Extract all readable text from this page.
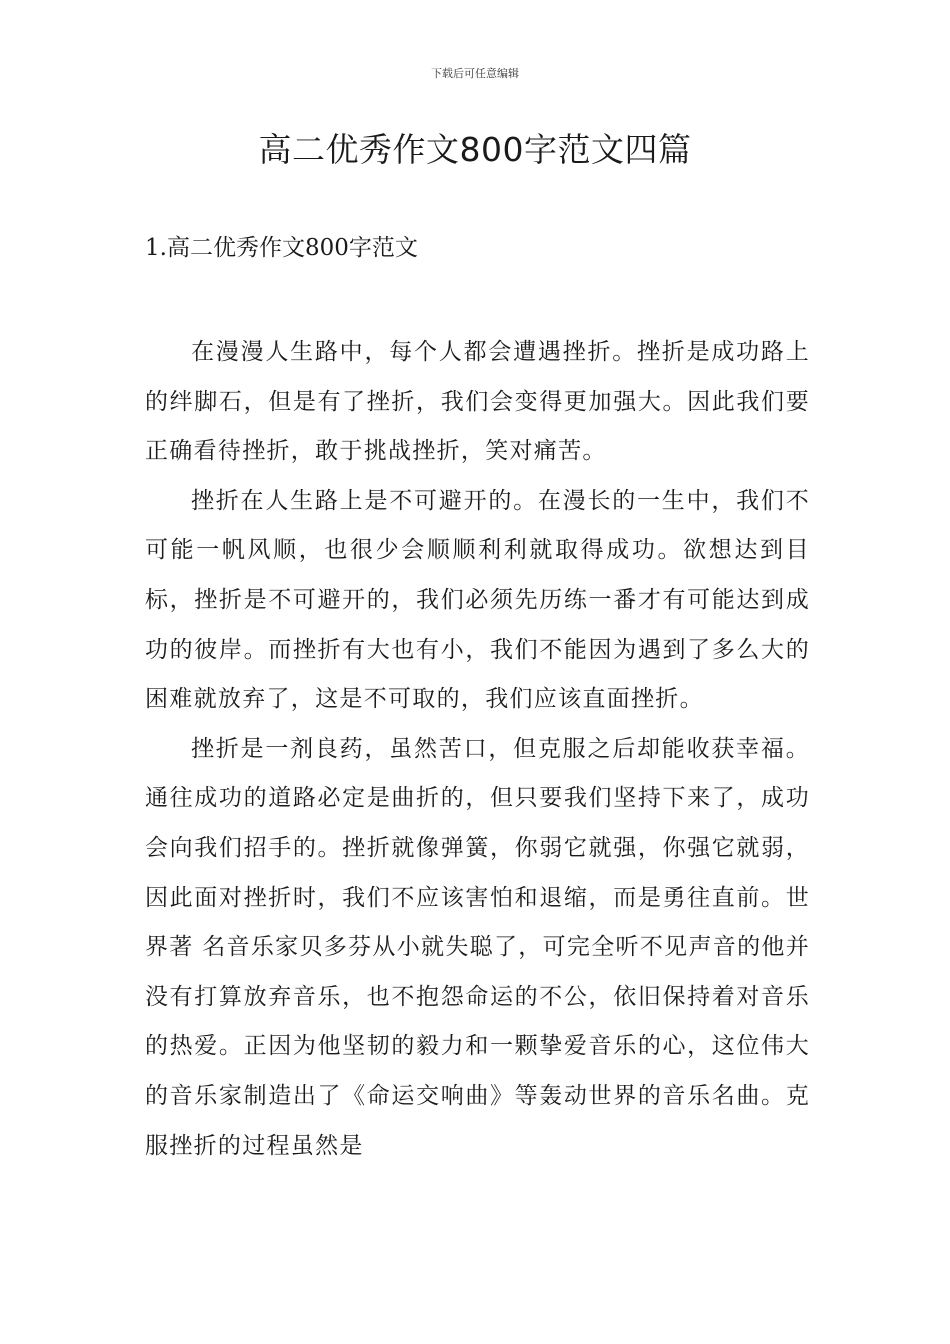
下载后可任意编辑
高二优秀作文800字范文四篇
1.高二优秀作文800字范文

在漫漫人生路中，每个人都会遭遇挫折。挫折是成功路上的绊脚石，但是有了挫折，我们会变得更加强大。因此我们要正确看待挫折，敢于挑战挫折，笑对痛苦。

挫折在人生路上是不可避开的。在漫长的一生中，我们不可能一帆风顺，也很少会顺顺利利就取得成功。欲想达到目标，挫折是不可避开的，我们必须先历练一番才有可能达到成功的彼岸。而挫折有大也有小，我们不能因为遇到了多么大的困难就放弃了，这是不可取的，我们应该直面挫折。

挫折是一剂良药，虽然苦口，但克服之后却能收获幸福。通往成功的道路必定是曲折的，但只要我们坚持下来了，成功会向我们招手的。挫折就像弹簧，你弱它就强，你强它就弱，因此面对挫折时，我们不应该害怕和退缩，而是勇往直前。世界著 名音乐家贝多芬从小就失聪了，可完全听不见声音的他并没有打算放弃音乐，也不抱怨命运的不公，依旧保持着对音乐的热爱。正因为他坚韧的毅力和一颗挚爱音乐的心，这位伟大的音乐家制造出了《命运交响曲》等轰动世界的音乐名曲。克服挫折的过程虽然是
